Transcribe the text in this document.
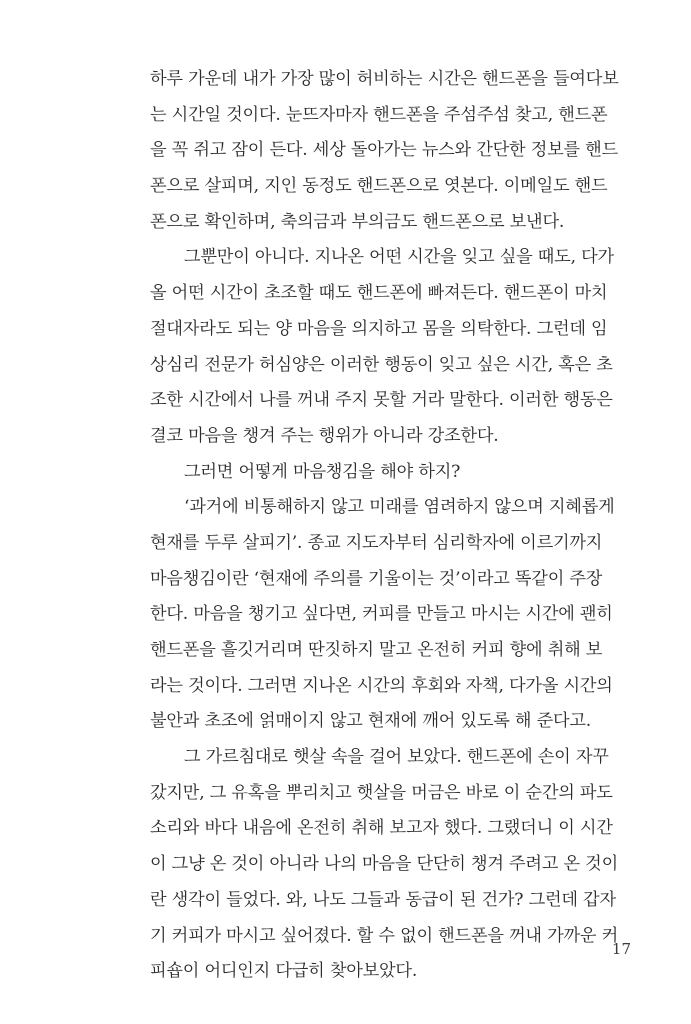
하루 가운데 내가 가장 많이 허비하는 시간은 핸드폰을 들여다보
는 시간일 것이다. 눈뜨자마자 핸드폰을 주섬주섬 찾고, 핸드폰
을 꼭 쥐고 잠이 든다. 세상 돌아가는 뉴스와 간단한 정보를 핸드
폰으로 살피며, 지인 동정도 핸드폰으로 엿본다. 이메일도 핸드
폰으로 확인하며, 축의금과 부의금도 핸드폰으로 보낸다.
그뿐만이 아니다. 지나온 어떤 시간을 잊고 싶을 때도, 다가
올 어떤 시간이 초조할 때도 핸드폰에 빠져든다. 핸드폰이 마치
절대자라도 되는 양 마음을 의지하고 몸을 의탁한다. 그런데 임
상심리 전문가 허심양은 이러한 행동이 잊고 싶은 시간, 혹은 초
조한 시간에서 나를 꺼내 주지 못할 거라 말한다. 이러한 행동은
결코 마음을 챙겨 주는 행위가 아니라 강조한다.
그러면 어떻게 마음챙김을 해야 하지?
‘과거에 비통해하지 않고 미래를 염려하지 않으며 지혜롭게
현재를 두루 살피기’. 종교 지도자부터 심리학자에 이르기까지
마음챙김이란 ‘현재에 주의를 기울이는 것’이라고 똑같이 주장
한다. 마음을 챙기고 싶다면, 커피를 만들고 마시는 시간에 괜히
핸드폰을 흘깃거리며 딴짓하지 말고 온전히 커피 향에 취해 보
라는 것이다. 그러면 지나온 시간의 후회와 자책, 다가올 시간의
불안과 초조에 얽매이지 않고 현재에 깨어 있도록 해 준다고.
그 가르침대로 햇살 속을 걸어 보았다. 핸드폰에 손이 자꾸
갔지만, 그 유혹을 뿌리치고 햇살을 머금은 바로 이 순간의 파도
소리와 바다 내음에 온전히 취해 보고자 했다. 그랬더니 이 시간
이 그냥 온 것이 아니라 나의 마음을 단단히 챙겨 주려고 온 것이
란 생각이 들었다. 와, 나도 그들과 동급이 된 건가? 그런데 갑자
기 커피가 마시고 싶어졌다. 할 수 없이 핸드폰을 꺼내 가까운 커
피숍이 어디인지 다급히 찾아보았다.
17
